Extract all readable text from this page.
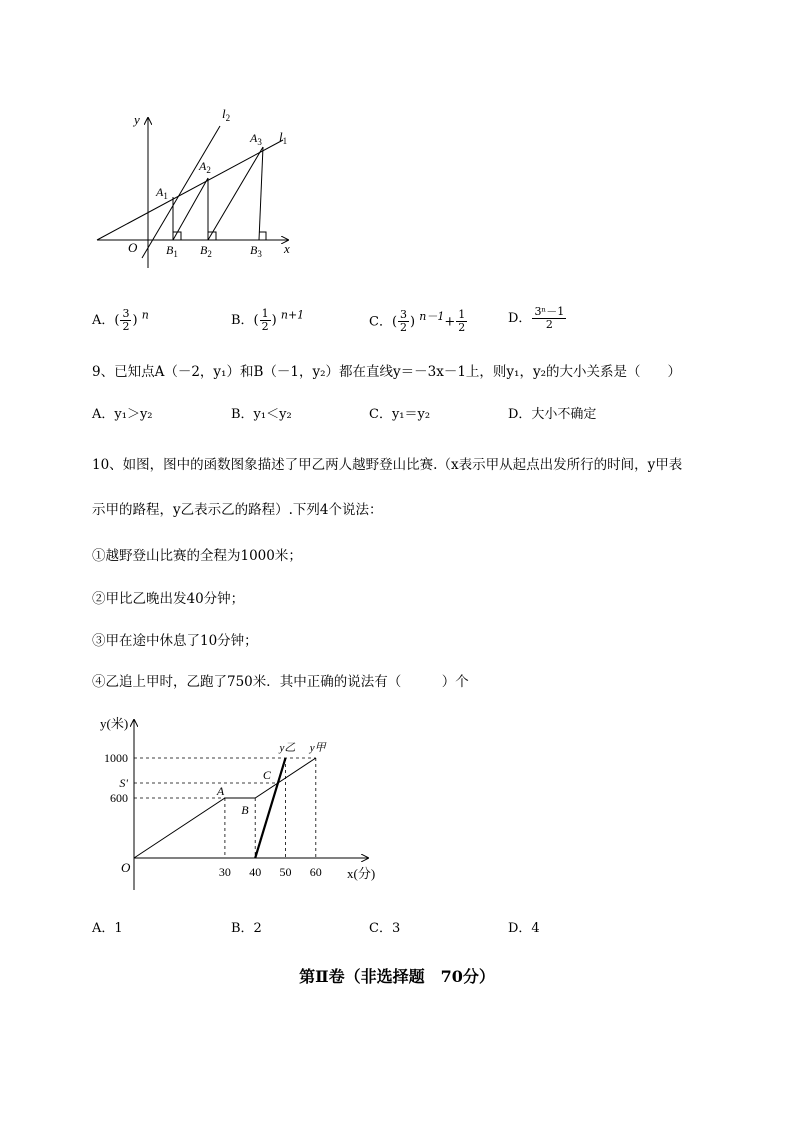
y
x
O
$l_2$
$l_1$
$A_1$
$A_2$
$A_3$
$B_1$ $B_2$	$B_3$
A．( $\frac{3}{2}$ ) $^n$	B．( $\frac{1}{2}$ ) $^{n+1}$	C．( $\frac{3}{2}$ ) $^{n-1}+ \frac{1}{2}$	D． $\frac{\text{3ⁿ－1}}{2}$
9、已知点A（－2，y₁）和B（－1，y₂）都在直线y＝－3x－1上，则y₁，y₂的大小关系是（　　）
A．y₁＞y₂	B．y₁＜y₂	C．y₁＝y₂	D．大小不确定
10、如图，图中的函数图象描述了甲乙两人越野登山比赛.（x表示甲从起点出发所行的时间，y甲表
示甲的路程，y乙表示乙的路程）.下列4个说法：
①越野登山比赛的全程为1000米；
②甲比乙晚出发40分钟；
③甲在途中休息了10分钟；
④乙追上甲时，乙跑了750米．其中正确的说法有（　　　）个
y(米)
x(分)
O
1000
S'
600
30 40 50 60
A
B
C
y乙 y甲
A．1	B．2	C．3	D．4
第Ⅱ卷（非选择题　70分）
